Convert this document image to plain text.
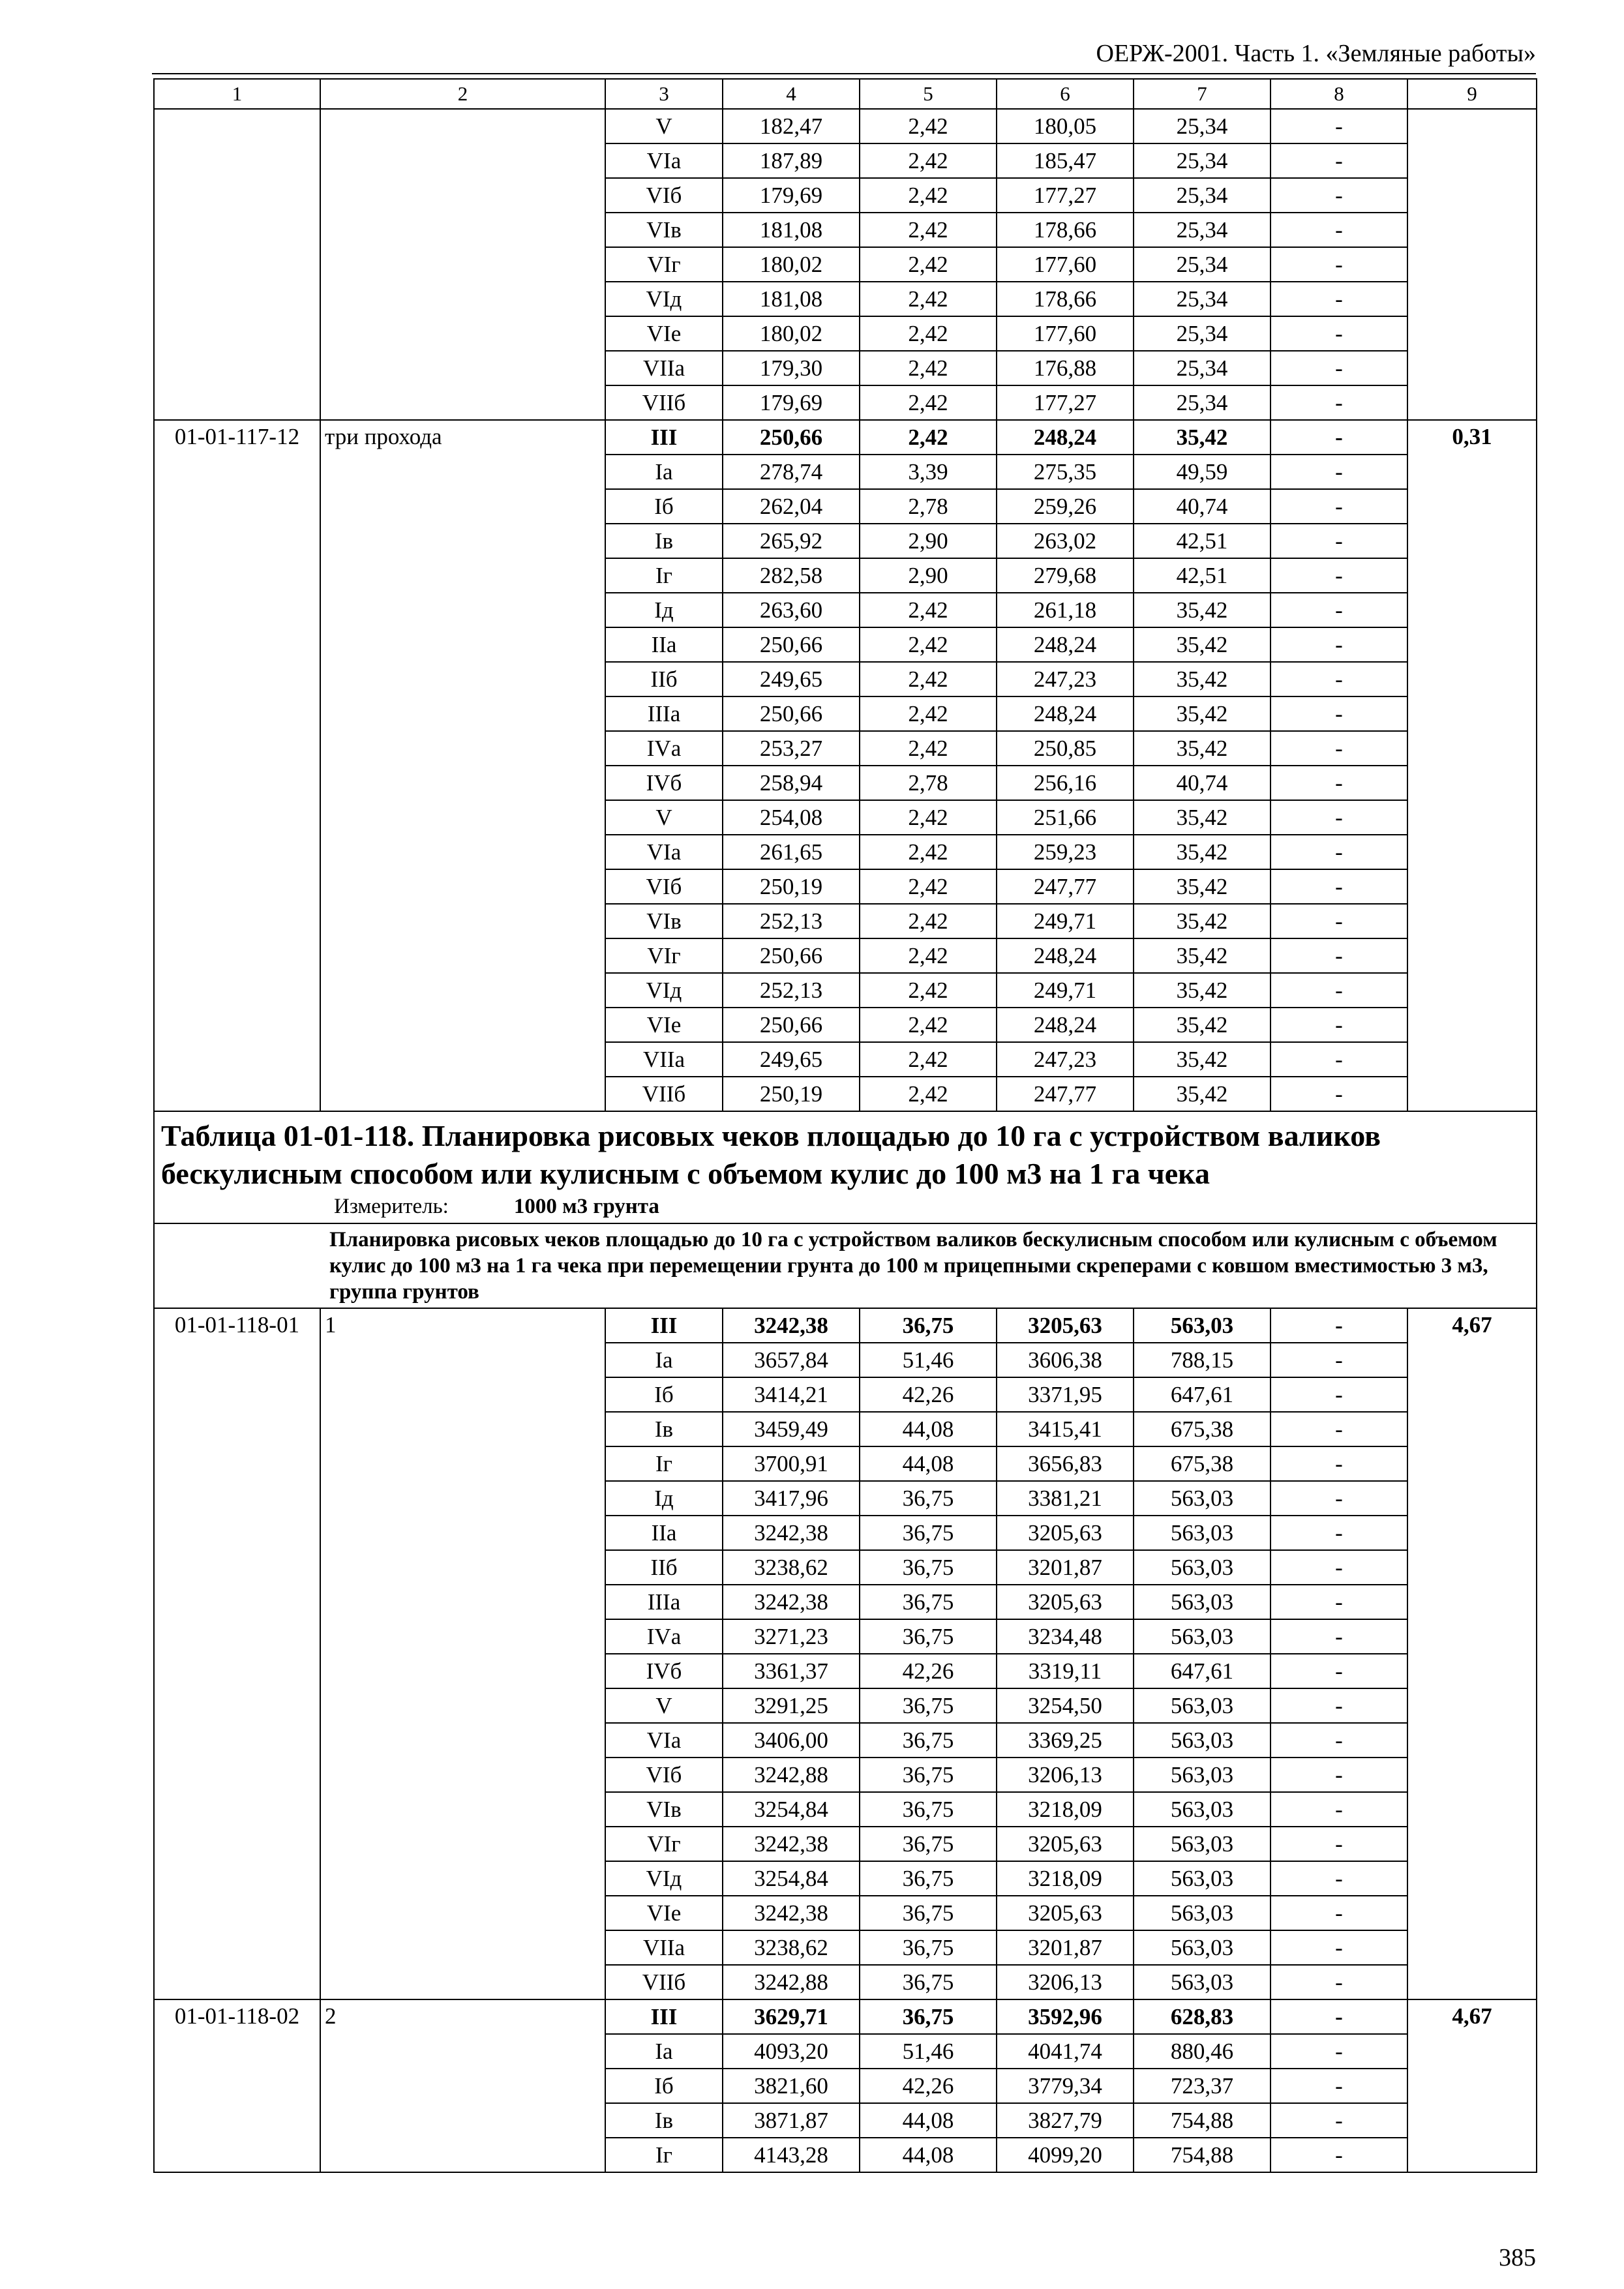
ОЕРЖ-2001. Часть 1. «Земляные работы»
1	2	3	4	5	6	7	8	9
		V	182,47	2,42	180,05	25,34	-	
		VIа	187,89	2,42	185,47	25,34	-	
		VIб	179,69	2,42	177,27	25,34	-	
		VIв	181,08	2,42	178,66	25,34	-	
		VIг	180,02	2,42	177,60	25,34	-	
		VIд	181,08	2,42	178,66	25,34	-	
		VIе	180,02	2,42	177,60	25,34	-	
		VIIа	179,30	2,42	176,88	25,34	-	
		VIIб	179,69	2,42	177,27	25,34	-	
01-01-117-12	три прохода	III	250,66	2,42	248,24	35,42	-	0,31
		Iа	278,74	3,39	275,35	49,59	-	
		Iб	262,04	2,78	259,26	40,74	-	
		Iв	265,92	2,90	263,02	42,51	-	
		Iг	282,58	2,90	279,68	42,51	-	
		Iд	263,60	2,42	261,18	35,42	-	
		IIа	250,66	2,42	248,24	35,42	-	
		IIб	249,65	2,42	247,23	35,42	-	
		IIIа	250,66	2,42	248,24	35,42	-	
		IVа	253,27	2,42	250,85	35,42	-	
		IVб	258,94	2,78	256,16	40,74	-	
		V	254,08	2,42	251,66	35,42	-	
		VIа	261,65	2,42	259,23	35,42	-	
		VIб	250,19	2,42	247,77	35,42	-	
		VIв	252,13	2,42	249,71	35,42	-	
		VIг	250,66	2,42	248,24	35,42	-	
		VIд	252,13	2,42	249,71	35,42	-	
		VIе	250,66	2,42	248,24	35,42	-	
		VIIа	249,65	2,42	247,23	35,42	-	
		VIIб	250,19	2,42	247,77	35,42	-	

Таблица 01-01-118. Планировка рисовых чеков площадью до 10 га с устройством валиков бескулисным способом или кулисным с объемом кулис до 100 м3 на 1 га чека
Измеритель: 1000 м3 грунта								

Планировка рисовых чеков площадью до 10 га с устройством валиков бескулисным способом или кулисным с объемом кулис до 100 м3 на 1 га чека при перемещении грунта до 100 м прицепными скреперами с ковшом вместимостью 3 м3, группа грунтов								
01-01-118-01	1	III	3242,38	36,75	3205,63	563,03	-	4,67
		Iа	3657,84	51,46	3606,38	788,15	-	
		Iб	3414,21	42,26	3371,95	647,61	-	
		Iв	3459,49	44,08	3415,41	675,38	-	
		Iг	3700,91	44,08	3656,83	675,38	-	
		Iд	3417,96	36,75	3381,21	563,03	-	
		IIа	3242,38	36,75	3205,63	563,03	-	
		IIб	3238,62	36,75	3201,87	563,03	-	
		IIIа	3242,38	36,75	3205,63	563,03	-	
		IVа	3271,23	36,75	3234,48	563,03	-	
		IVб	3361,37	42,26	3319,11	647,61	-	
		V	3291,25	36,75	3254,50	563,03	-	
		VIа	3406,00	36,75	3369,25	563,03	-	
		VIб	3242,88	36,75	3206,13	563,03	-	
		VIв	3254,84	36,75	3218,09	563,03	-	
		VIг	3242,38	36,75	3205,63	563,03	-	
		VIд	3254,84	36,75	3218,09	563,03	-	
		VIе	3242,38	36,75	3205,63	563,03	-	
		VIIа	3238,62	36,75	3201,87	563,03	-	
		VIIб	3242,88	36,75	3206,13	563,03	-	
01-01-118-02	2	III	3629,71	36,75	3592,96	628,83	-	4,67
		Iа	4093,20	51,46	4041,74	880,46	-	
		Iб	3821,60	42,26	3779,34	723,37	-	
		Iв	3871,87	44,08	3827,79	754,88	-	
		Iг	4143,28	44,08	4099,20	754,88	-	
385
